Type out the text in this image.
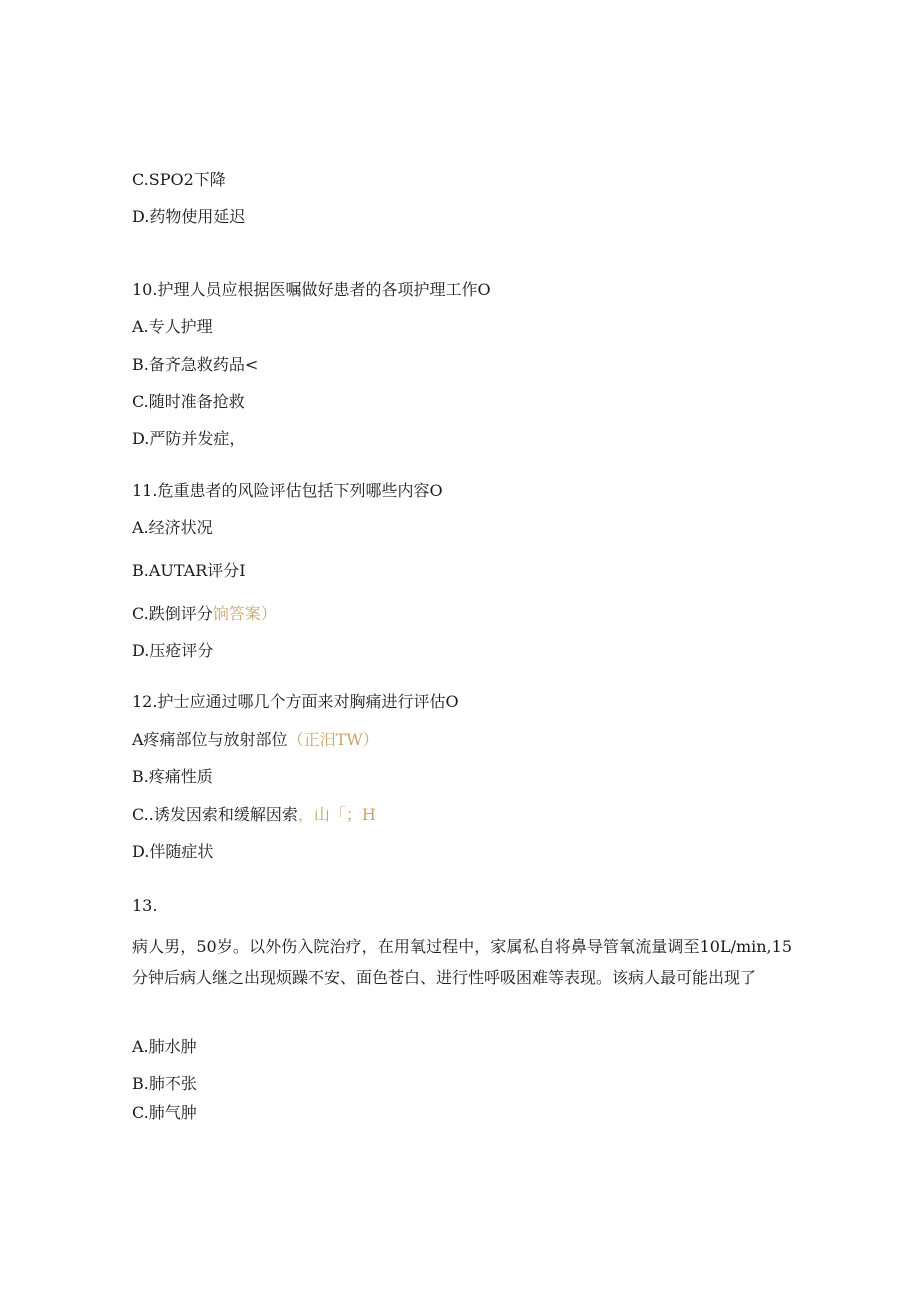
C.SPO2下降
D.药物使用延迟
10.护理人员应根据医嘱做好患者的各项护理工作O
A.专人护理
B.备齐急救药品<
C.随时准备抢救
D.严防并发症，
11.危重患者的风险评估包括下列哪些内容O
A.经济状况
B.AUTAR评分I
C.跌倒评分饷答案）
D.压疮评分
12.护士应通过哪几个方面来对胸痛进行评估O
A疼痛部位与放射部位（正汨TW）
B.疼痛性质
C..诱发因索和缓解因索，山「；H
D.伴随症状
13.
病人男，50岁。以外伤入院治疗，在用氧过程中，家属私自将鼻导管氧流量调至10L∕min,15分钟后病人继之出现烦躁不安、面色苍白、进行性呼吸困难等表现。该病人最可能出现了
A.肺水肿
B.肺不张
C.肺气肿
